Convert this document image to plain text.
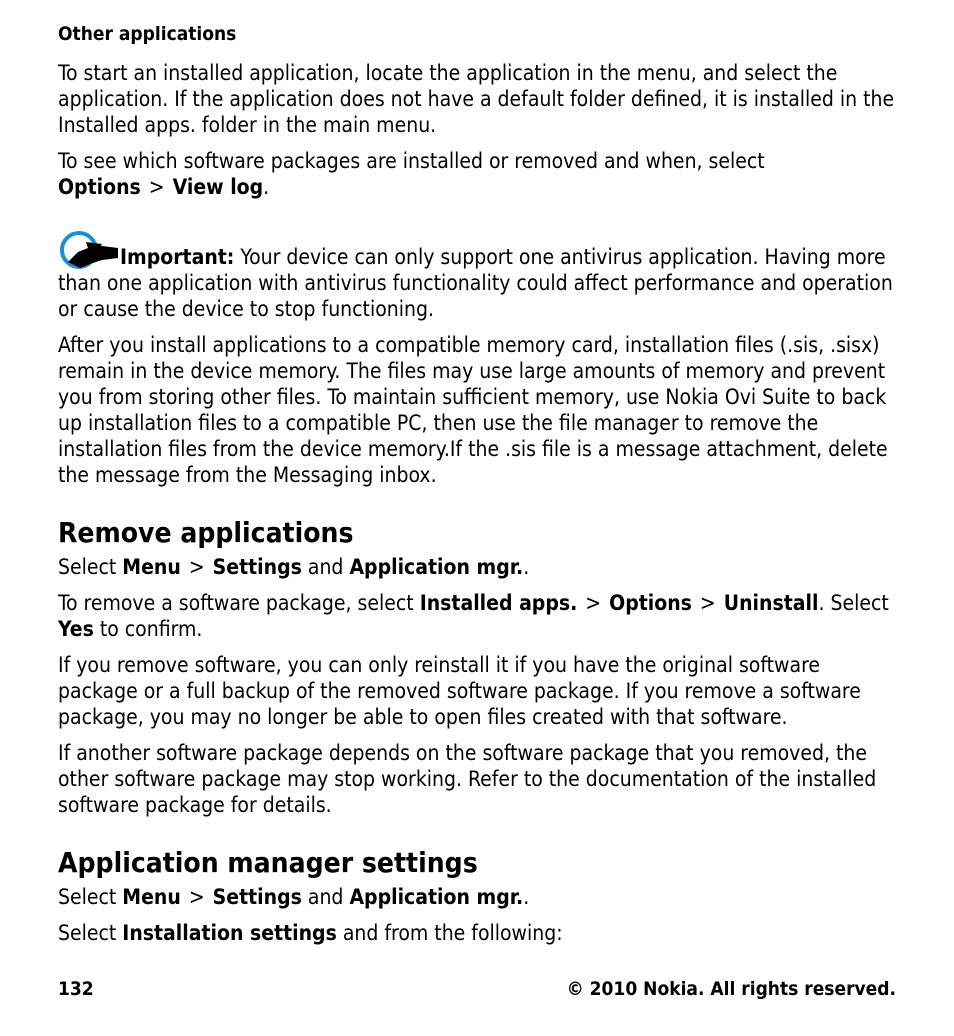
Other applications

To start an installed application, locate the application in the menu, and select the application. If the application does not have a default folder defined, it is installed in the Installed apps. folder in the main menu.

To see which software packages are installed or removed and when, select Options > View log.

Important: Your device can only support one antivirus application. Having more than one application with antivirus functionality could affect performance and operation or cause the device to stop functioning.

After you install applications to a compatible memory card, installation files (.sis, .sisx) remain in the device memory. The files may use large amounts of memory and prevent you from storing other files. To maintain sufficient memory, use Nokia Ovi Suite to back up installation files to a compatible PC, then use the file manager to remove the installation files from the device memory.If the .sis file is a message attachment, delete the message from the Messaging inbox.

Remove applications

Select Menu > Settings and Application mgr..

To remove a software package, select Installed apps. > Options > Uninstall. Select Yes to confirm.

If you remove software, you can only reinstall it if you have the original software package or a full backup of the removed software package. If you remove a software package, you may no longer be able to open files created with that software.

If another software package depends on the software package that you removed, the other software package may stop working. Refer to the documentation of the installed software package for details.

Application manager settings

Select Menu > Settings and Application mgr..

Select Installation settings and from the following:

132	© 2010 Nokia. All rights reserved.
